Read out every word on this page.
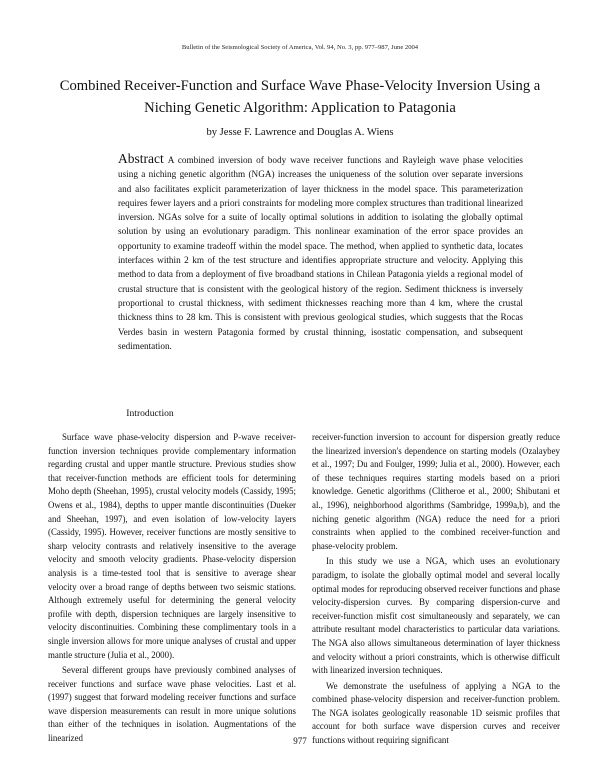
Bulletin of the Seismological Society of America, Vol. 94, No. 3, pp. 977–987, June 2004
Combined Receiver-Function and Surface Wave Phase-Velocity Inversion Using a Niching Genetic Algorithm: Application to Patagonia
by Jesse F. Lawrence and Douglas A. Wiens

Abstract A combined inversion of body wave receiver functions and Rayleigh wave phase velocities using a niching genetic algorithm (NGA) increases the uniqueness of the solution over separate inversions and also facilitates explicit parameterization of layer thickness in the model space. This parameterization requires fewer layers and a priori constraints for modeling more complex structures than traditional linearized inversion. NGAs solve for a suite of locally optimal solutions in addition to isolating the globally optimal solution by using an evolutionary paradigm. This nonlinear examination of the error space provides an opportunity to examine tradeoff within the model space. The method, when applied to synthetic data, locates interfaces within 2 km of the test structure and identifies appropriate structure and velocity. Applying this method to data from a deployment of five broadband stations in Chilean Patagonia yields a regional model of crustal structure that is consistent with the geological history of the region. Sediment thickness is inversely proportional to crustal thickness, with sediment thicknesses reaching more than 4 km, where the crustal thickness thins to 28 km. This is consistent with previous geological studies, which suggests that the Rocas Verdes basin in western Patagonia formed by crustal thinning, isostatic compensation, and subsequent sedimentation.

Introduction

Surface wave phase-velocity dispersion and P-wave receiver-function inversion techniques provide complementary information regarding crustal and upper mantle structure. Previous studies show that receiver-function methods are efficient tools for determining Moho depth (Sheehan, 1995), crustal velocity models (Cassidy, 1995; Owens et al., 1984), depths to upper mantle discontinuities (Dueker and Sheehan, 1997), and even isolation of low-velocity layers (Cassidy, 1995). However, receiver functions are mostly sensitive to sharp velocity contrasts and relatively insensitive to the average velocity and smooth velocity gradients. Phase-velocity dispersion analysis is a time-tested tool that is sensitive to average shear velocity over a broad range of depths between two seismic stations. Although extremely useful for determining the general velocity profile with depth, dispersion techniques are largely insensitive to velocity discontinuities. Combining these complimentary tools in a single inversion allows for more unique analyses of crustal and upper mantle structure (Julia et al., 2000).

Several different groups have previously combined analyses of receiver functions and surface wave phase velocities. Last et al. (1997) suggest that forward modeling receiver functions and surface wave dispersion measurements can result in more unique solutions than either of the techniques in isolation. Augmentations of the linearized

receiver-function inversion to account for dispersion greatly reduce the linearized inversion's dependence on starting models (Ozalaybey et al., 1997; Du and Foulger, 1999; Julia et al., 2000). However, each of these techniques requires starting models based on a priori knowledge. Genetic algorithms (Clitheroe et al., 2000; Shibutani et al., 1996), neighborhood algorithms (Sambridge, 1999a,b), and the niching genetic algorithm (NGA) reduce the need for a priori constraints when applied to the combined receiver-function and phase-velocity problem.

In this study we use a NGA, which uses an evolutionary paradigm, to isolate the globally optimal model and several locally optimal modes for reproducing observed receiver functions and phase velocity-dispersion curves. By comparing dispersion-curve and receiver-function misfit cost simultaneously and separately, we can attribute resultant model characteristics to particular data variations. The NGA also allows simultaneous determination of layer thickness and velocity without a priori constraints, which is otherwise difficult with linearized inversion techniques.

We demonstrate the usefulness of applying a NGA to the combined phase-velocity dispersion and receiver-function problem. The NGA isolates geologically reasonable 1D seismic profiles that account for both surface wave dispersion curves and receiver functions without requiring significant

977
